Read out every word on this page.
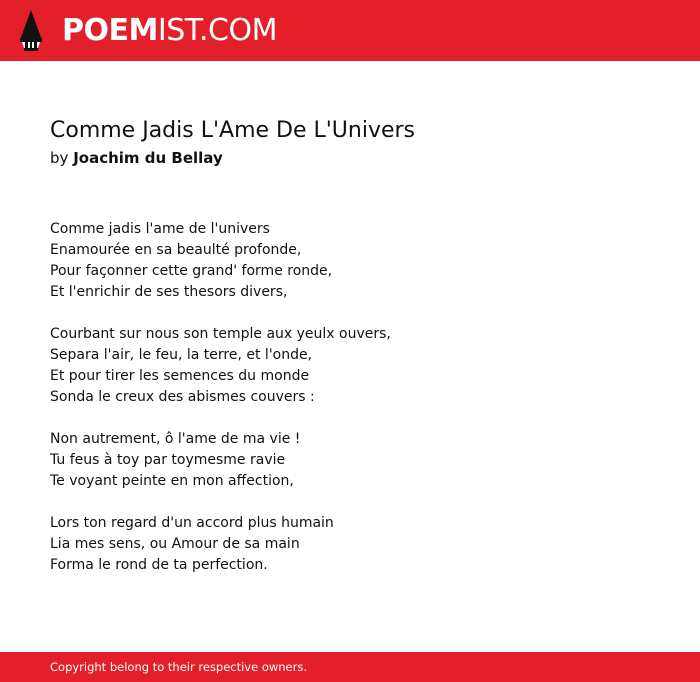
POEMIST.COM
Comme Jadis L'Ame De L'Univers
by Joachim du Bellay
Comme jadis l'ame de l'univers
Enamourée en sa beaulté profonde,
Pour façonner cette grand' forme ronde,
Et l'enrichir de ses thesors divers,
Courbant sur nous son temple aux yeulx ouvers,
Separa l'air, le feu, la terre, et l'onde,
Et pour tirer les semences du monde
Sonda le creux des abismes couvers :
Non autrement, ô l'ame de ma vie !
Tu feus à toy par toymesme ravie
Te voyant peinte en mon affection,
Lors ton regard d'un accord plus humain
Lia mes sens, ou Amour de sa main
Forma le rond de ta perfection.
Copyright belong to their respective owners.
